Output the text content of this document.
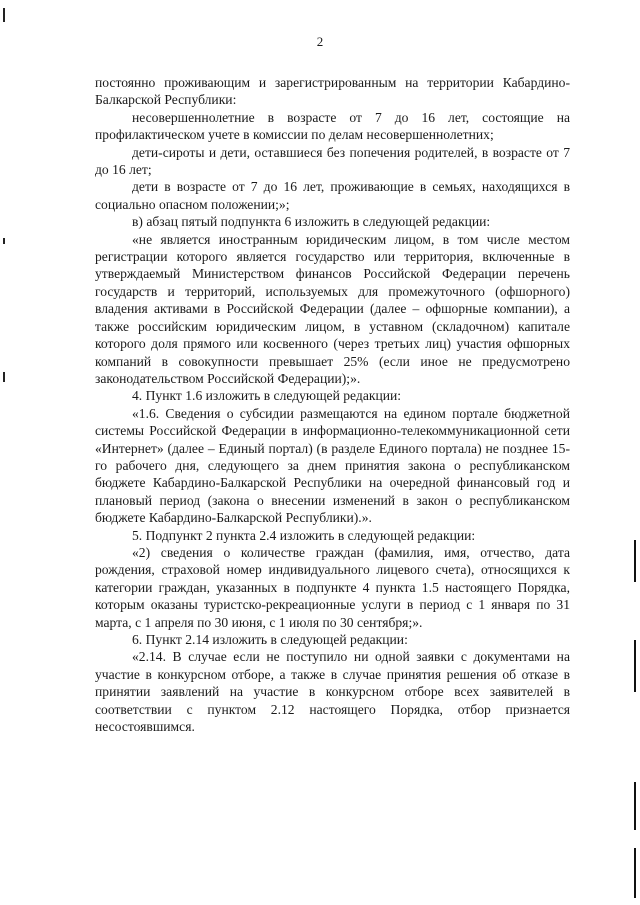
2

постоянно проживающим и зарегистрированным на территории Кабардино-Балкарской Республики:

несовершеннолетние в возрасте от 7 до 16 лет, состоящие на профилактическом учете в комиссии по делам несовершеннолетних;

дети-сироты и дети, оставшиеся без попечения родителей, в возрасте от 7 до 16 лет;

дети в возрасте от 7 до 16 лет, проживающие в семьях, находящихся в социально опасном положении;»;

в) абзац пятый подпункта 6 изложить в следующей редакции:

«не является иностранным юридическим лицом, в том числе местом регистрации которого является государство или территория, включенные в утверждаемый Министерством финансов Российской Федерации перечень государств и территорий, используемых для промежуточного (офшорного) владения активами в Российской Федерации (далее – офшорные компании), а также российским юридическим лицом, в уставном (складочном) капитале которого доля прямого или косвенного (через третьих лиц) участия офшорных компаний в совокупности превышает 25% (если иное не предусмотрено законодательством Российской Федерации);».

4. Пункт 1.6 изложить в следующей редакции:

«1.6. Сведения о субсидии размещаются на едином портале бюджетной системы Российской Федерации в информационно-телекоммуникационной сети «Интернет» (далее – Единый портал) (в разделе Единого портала) не позднее 15-го рабочего дня, следующего за днем принятия закона о республиканском бюджете Кабардино-Балкарской Республики на очередной финансовый год и плановый период (закона о внесении изменений в закон о республиканском бюджете Кабардино-Балкарской Республики).».

5. Подпункт 2 пункта 2.4 изложить в следующей редакции:

«2) сведения о количестве граждан (фамилия, имя, отчество, дата рождения, страховой номер индивидуального лицевого счета), относящихся к категории граждан, указанных в подпункте 4 пункта 1.5 настоящего Порядка, которым оказаны туристско-рекреационные услуги в период с 1 января по 31 марта, с 1 апреля по 30 июня, с 1 июля по 30 сентября;».

6. Пункт 2.14 изложить в следующей редакции:

«2.14. В случае если не поступило ни одной заявки с документами на участие в конкурсном отборе, а также в случае принятия решения об отказе в принятии заявлений на участие в конкурсном отборе всех заявителей в соответствии с пунктом 2.12 настоящего Порядка, отбор признается несостоявшимся.
